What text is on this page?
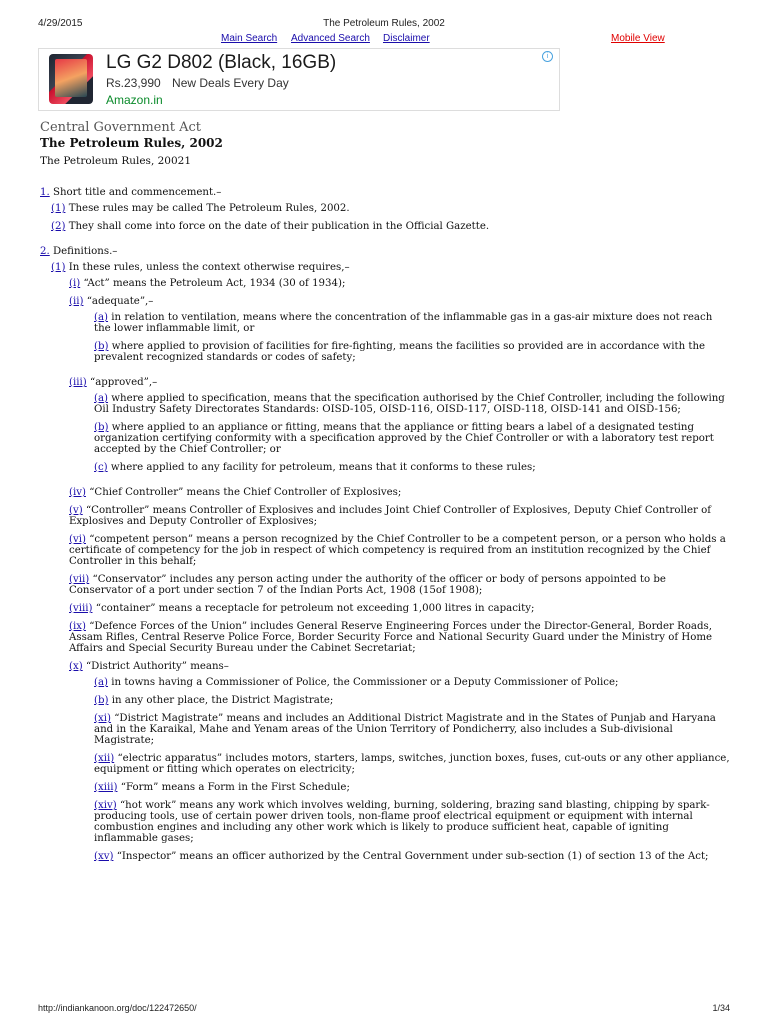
4/29/2015	The Petroleum Rules, 2002
Main Search Advanced Search Disclaimer	Mobile View
LG G2 D802 (Black, 16GB)
Rs.23,990 New Deals Every Day
Amazon.in
i

Central Government Act

The Petroleum Rules, 2002

The Petroleum Rules, 20021

1. Short title and commencement.–

(1) These rules may be called The Petroleum Rules, 2002.

(2) They shall come into force on the date of their publication in the Official Gazette.

2. Definitions.–

(1) In these rules, unless the context otherwise requires,–

(i) “Act” means the Petroleum Act, 1934 (30 of 1934);

(ii) “adequate”,–

(a) in relation to ventilation, means where the concentration of the inflammable gas in a gas-air mixture does not reach the lower inflammable limit, or

(b) where applied to provision of facilities for fire-fighting, means the facilities so provided are in accordance with the prevalent recognized standards or codes of safety;

(iii) “approved”,–

(a) where applied to specification, means that the specification authorised by the Chief Controller, including the following Oil Industry Safety Directorates Standards: OISD-105, OISD-116, OISD-117, OISD-118, OISD-141 and OISD-156;

(b) where applied to an appliance or fitting, means that the appliance or fitting bears a label of a designated testing organization certifying conformity with a specification approved by the Chief Controller or with a laboratory test report accepted by the Chief Controller; or

(c) where applied to any facility for petroleum, means that it conforms to these rules;

(iv) “Chief Controller” means the Chief Controller of Explosives;

(v) “Controller” means Controller of Explosives and includes Joint Chief Controller of Explosives, Deputy Chief Controller of Explosives and Deputy Controller of Explosives;

(vi) “competent person” means a person recognized by the Chief Controller to be a competent person, or a person who holds a certificate of competency for the job in respect of which competency is required from an institution recognized by the Chief Controller in this behalf;

(vii) “Conservator” includes any person acting under the authority of the officer or body of persons appointed to be Conservator of a port under section 7 of the Indian Ports Act, 1908 (15of 1908);

(viii) “container” means a receptacle for petroleum not exceeding 1,000 litres in capacity;

(ix) “Defence Forces of the Union” includes General Reserve Engineering Forces under the Director-General, Border Roads, Assam Rifles, Central Reserve Police Force, Border Security Force and National Security Guard under the Ministry of Home Affairs and Special Security Bureau under the Cabinet Secretariat;

(x) “District Authority” means–

(a) in towns having a Commissioner of Police, the Commissioner or a Deputy Commissioner of Police;

(b) in any other place, the District Magistrate;

(xi) “District Magistrate” means and includes an Additional District Magistrate and in the States of Punjab and Haryana and in the Karaikal, Mahe and Yenam areas of the Union Territory of Pondicherry, also includes a Sub-divisional Magistrate;

(xii) “electric apparatus” includes motors, starters, lamps, switches, junction boxes, fuses, cut-outs or any other appliance, equipment or fitting which operates on electricity;

(xiii) “Form” means a Form in the First Schedule;

(xiv) “hot work” means any work which involves welding, burning, soldering, brazing sand blasting, chipping by spark-producing tools, use of certain power driven tools, non-flame proof electrical equipment or equipment with internal combustion engines and including any other work which is likely to produce sufficient heat, capable of igniting inflammable gases;

(xv) “Inspector” means an officer authorized by the Central Government under sub-section (1) of section 13 of the Act;

http://indiankanoon.org/doc/122472650/	1/34
